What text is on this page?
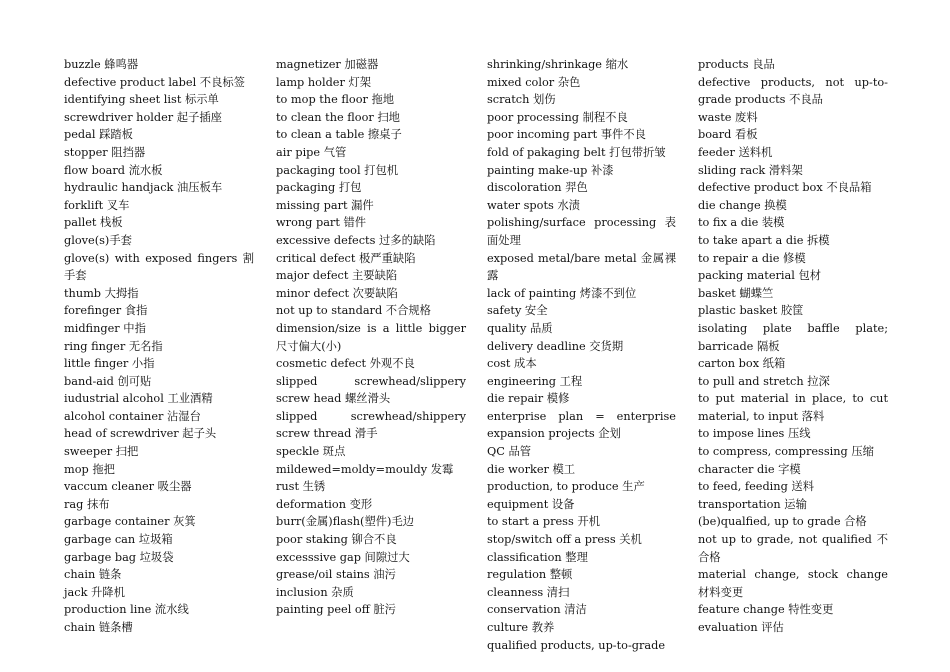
buzzle 蜂鸣器
defective product label 不良标签
identifying sheet list 标示单
screwdriver holder 起子插座
pedal 踩踏板
stopper 阻挡器
flow board 流水板
hydraulic handjack 油压板车
forklift 叉车
pallet 栈板
glove(s)手套
glove(s) with exposed fingers 割手套
thumb 大拇指
forefinger 食指
midfinger 中指
ring finger 无名指
little finger 小指
band-aid 创可贴
iudustrial alcohol 工业酒精
alcohol container 沾湿台
head of screwdriver 起子头
sweeper 扫把
mop 拖把
vaccum cleaner 吸尘器
rag 抹布
garbage container 灰箕
garbage can 垃圾箱
garbage bag 垃圾袋
chain 链条
jack 升降机
production line 流水线
chain 链条槽
magnetizer 加磁器
lamp holder 灯架
to mop the floor 拖地
to clean the floor 扫地
to clean a table 擦桌子
air pipe 气管
packaging tool 打包机
packaging 打包
missing part 漏件
wrong part 错件
excessive defects 过多的缺陷
critical defect 极严重缺陷
major defect 主要缺陷
minor defect 次要缺陷
not up to standard 不合规格
dimension/size is a little bigger 尺寸偏大(小)
cosmetic defect 外观不良
slipped screwhead/slippery screw head 螺丝滑头
slipped screwhead/shippery screw thread 滑手
speckle 斑点
mildewed=moldy=mouldy 发霉
rust 生锈
deformation 变形
burr(金属)flash(塑件)毛边
poor staking 铆合不良
excesssive gap 间隙过大
grease/oil stains 油污
inclusion 杂质
painting peel off 脏污
shrinking/shrinkage 缩水
mixed color 杂色
scratch 划伤
poor processing 制程不良
poor incoming part 事件不良
fold of pakaging belt 打包带折皱
painting make-up 补漆
discoloration 羿色
water spots 水渍
polishing/surface processing 表面处理
exposed metal/bare metal 金属裸露
lack of painting 烤漆不到位
safety 安全
quality 品质
delivery deadline 交货期
cost 成本
engineering 工程
die repair 模修
enterprise plan = enterprise expansion projects 企划
QC 品管
die worker 模工
production, to produce 生产
equipment 设备
to start a press 开机
stop/switch off a press 关机
classification 整理
regulation 整顿
cleanness 清扫
conservation 清洁
culture 教养
qualified products, up-to-grade
products 良品
defective products, not up-to-grade products 不良品
waste 废料
board 看板
feeder 送料机
sliding rack 滑料架
defective product box 不良品箱
die change 换模
to fix a die 装模
to take apart a die 拆模
to repair a die 修模
packing material 包材
basket 蝴蝶竺
plastic basket 胶筐
isolating plate baffle plate; barricade 隔板
carton box 纸箱
to pull and stretch 拉深
to put material in place, to cut material, to input 落料
to impose lines 压线
to compress, compressing 压缩
character die 字模
to feed, feeding 送料
transportation 运输
(be)qualfied, up to grade 合格
not up to grade, not qualified 不合格
material change, stock change 材料变更
feature change 特性变更
evaluation 评估
